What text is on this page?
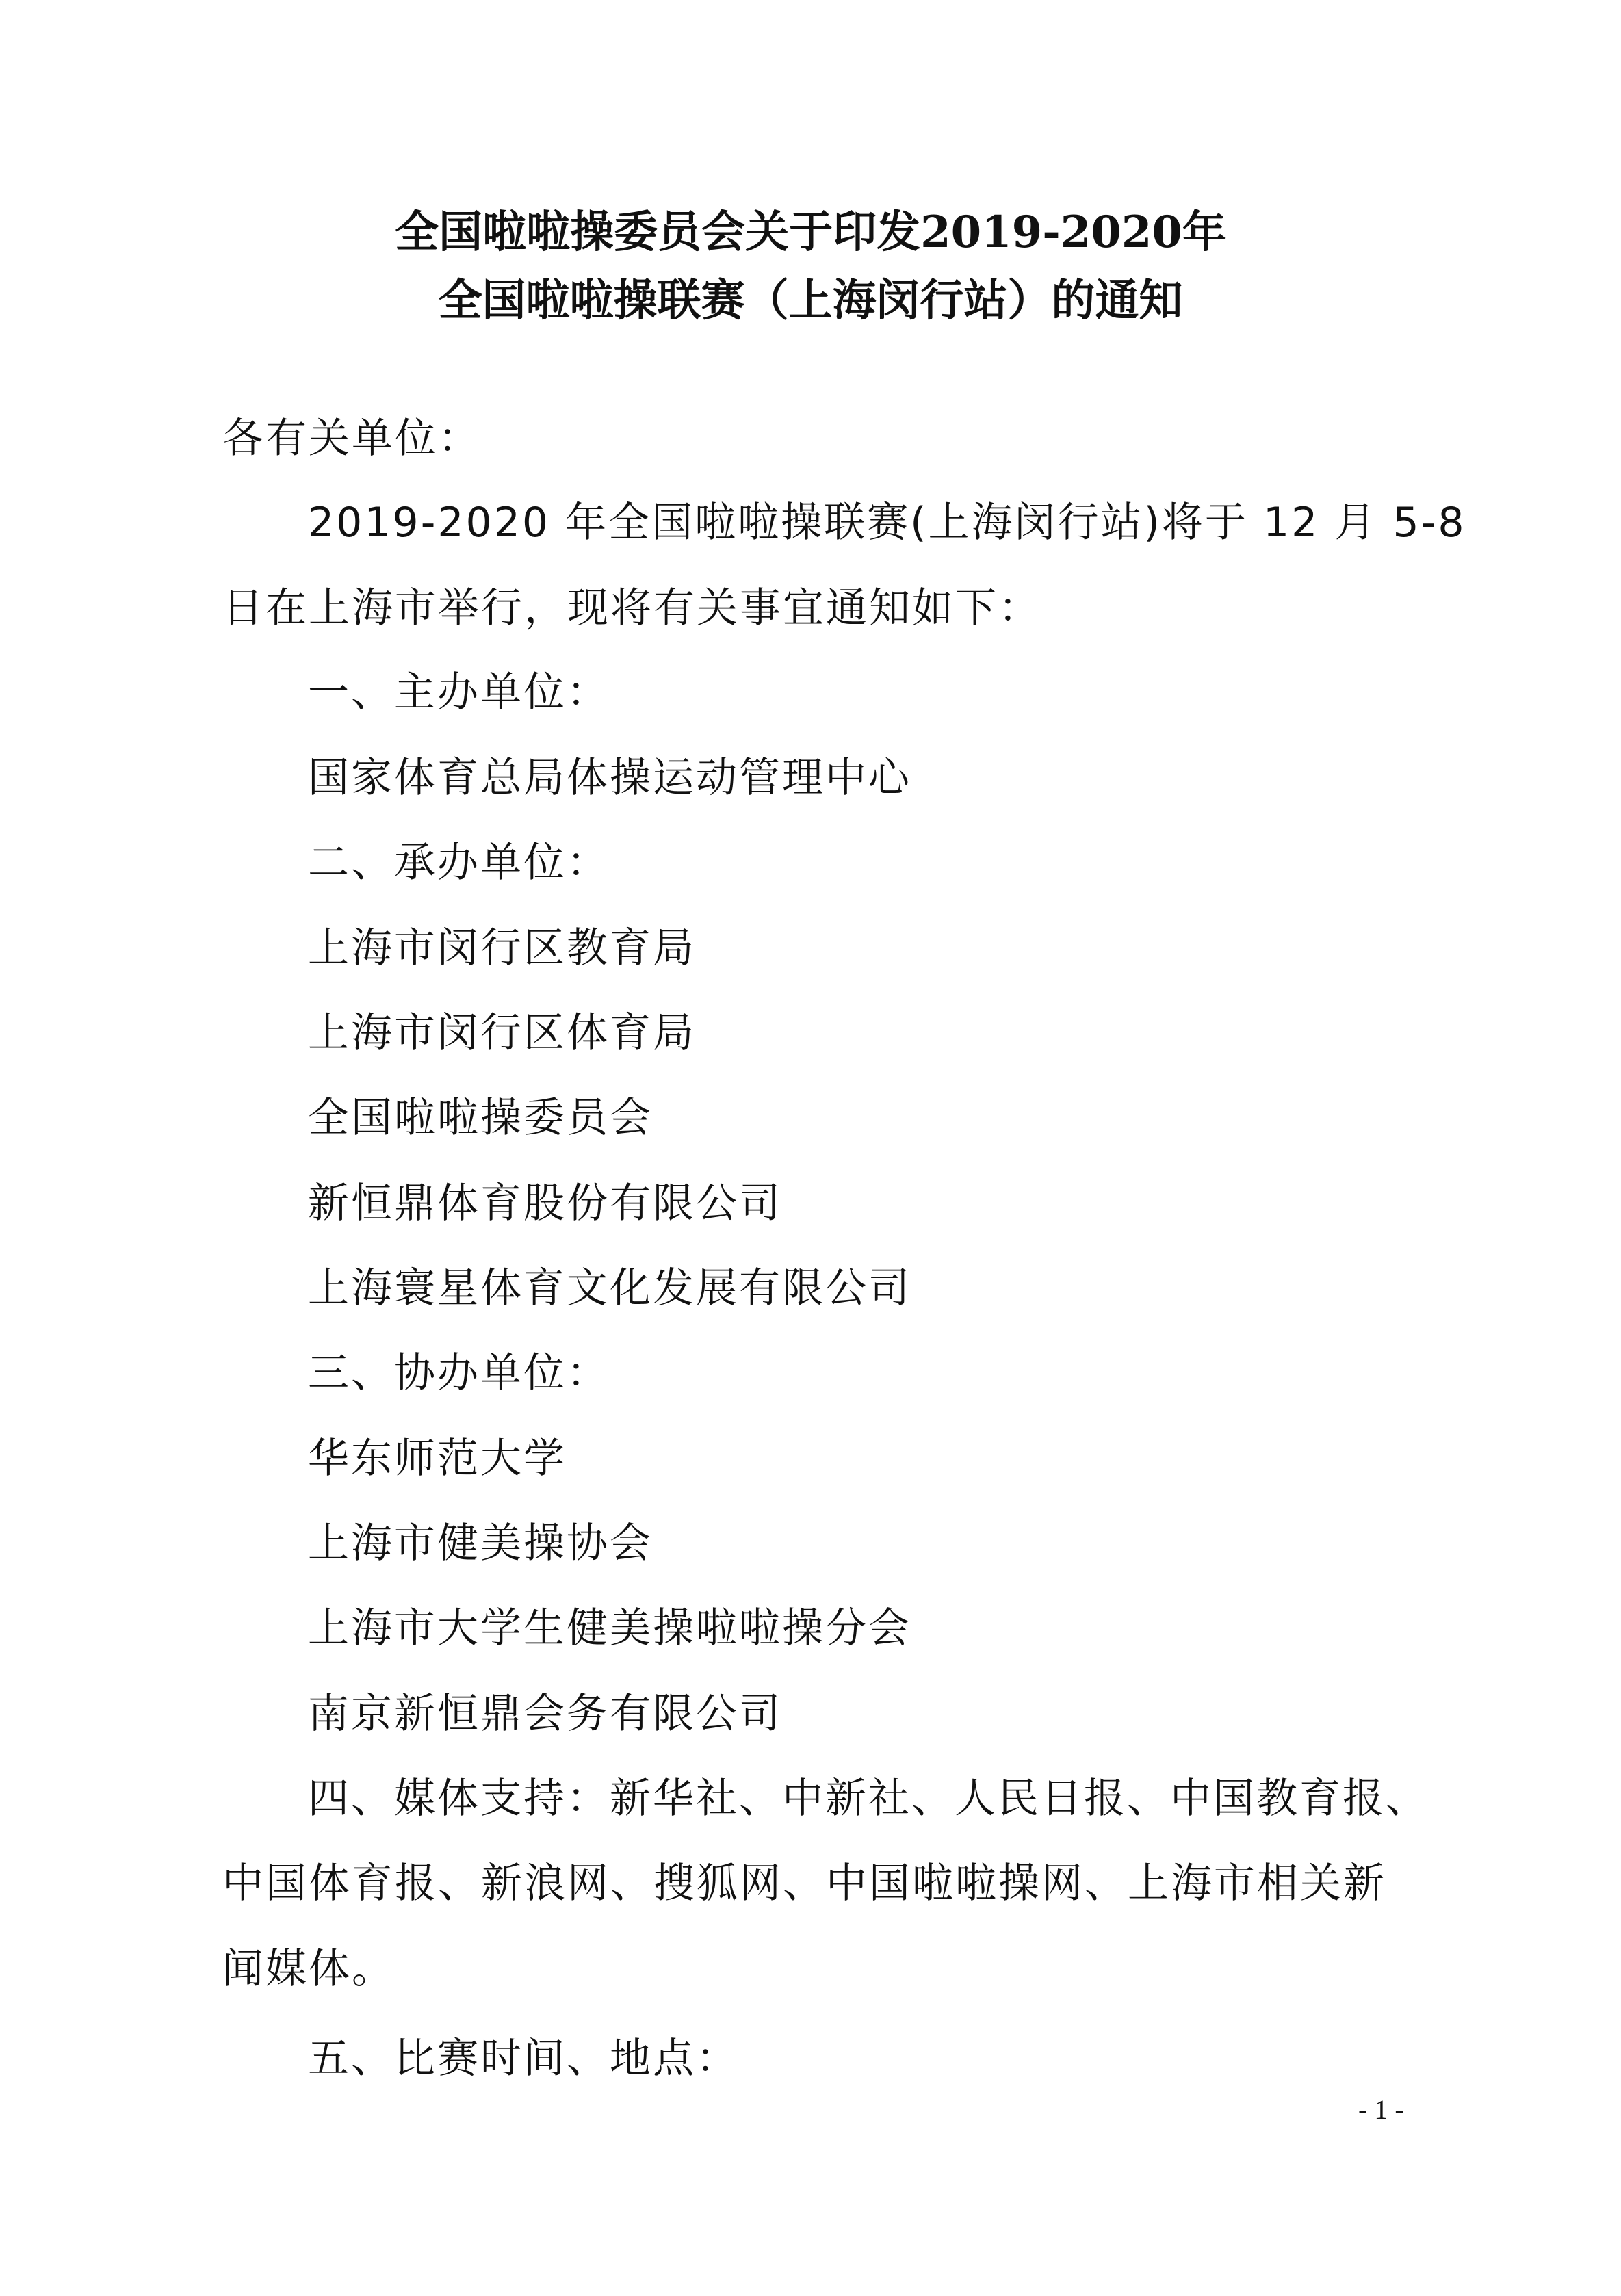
全国啦啦操委员会关于印发2019-2020年
全国啦啦操联赛（上海闵行站）的通知

各有关单位：

2019-2020 年全国啦啦操联赛(上海闵行站)将于 12 月 5-8

日在上海市举行，现将有关事宜通知如下：

一、主办单位：

国家体育总局体操运动管理中心

二、承办单位：

上海市闵行区教育局

上海市闵行区体育局

全国啦啦操委员会

新恒鼎体育股份有限公司

上海寰星体育文化发展有限公司

三、协办单位：

华东师范大学

上海市健美操协会

上海市大学生健美操啦啦操分会

南京新恒鼎会务有限公司

四、媒体支持：新华社、中新社、人民日报、中国教育报、

中国体育报、新浪网、搜狐网、中国啦啦操网、上海市相关新

闻媒体。

五、比赛时间、地点：

- 1 -
